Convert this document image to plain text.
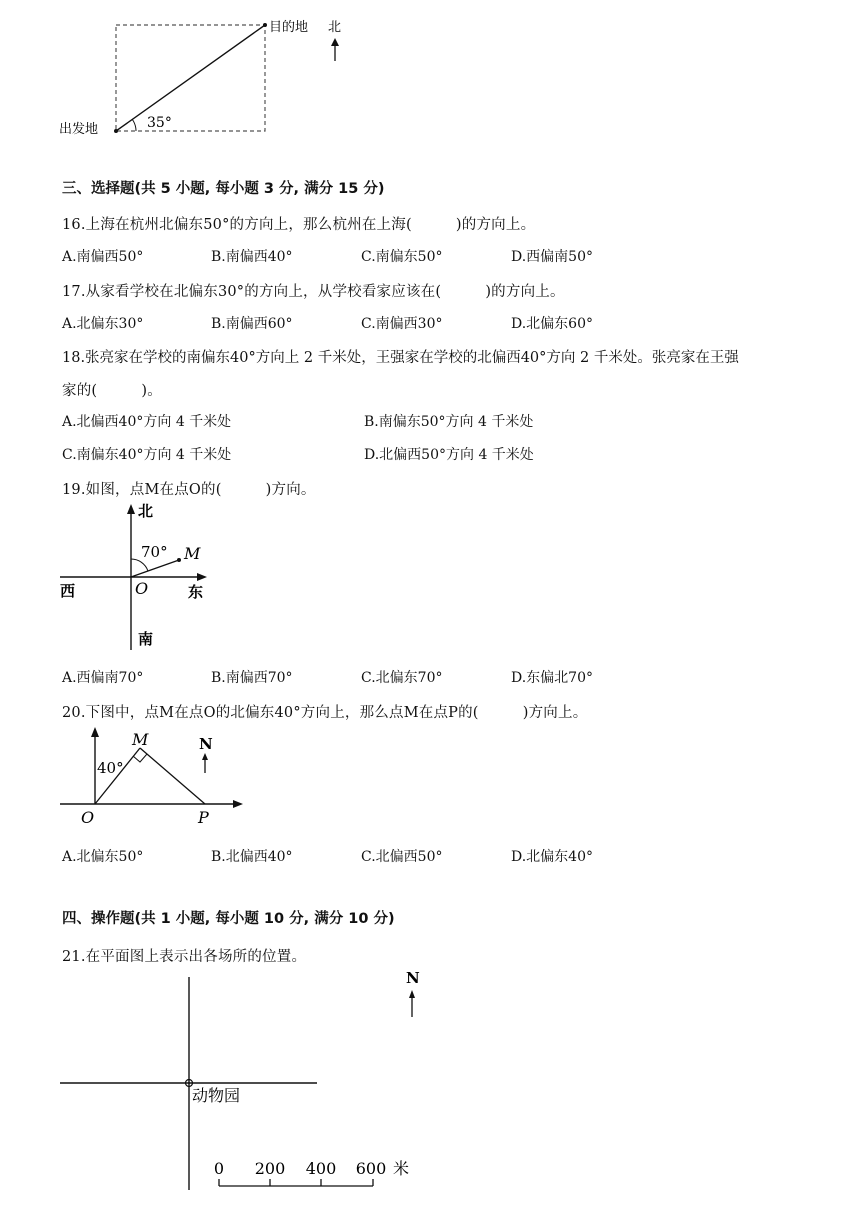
35°
出发地
目的地 北
三、选择题(共 5 小题, 每小题 3 分, 满分 15 分)
16.上海在杭州北偏东50°的方向上，那么杭州在上海(　　　)的方向上。
A.南偏西50°	B.南偏西40°	C.南偏东50°	D.西偏南50°
17.从家看学校在北偏东30°的方向上，从学校看家应该在(　　　)的方向上。
A.北偏东30°	B.南偏西60°	C.南偏西30°	D.北偏东60°
18.张亮家在学校的南偏东40°方向上 2 千米处，王强家在学校的北偏西40°方向 2 千米处。张亮家在王强
家的(　　　)。
A.北偏西40°方向 4 千米处	B.南偏东50°方向 4 千米处
C.南偏东40°方向 4 千米处	D.北偏西50°方向 4 千米处
19.如图，点M在点O的(　　　)方向。
北
70° M
O
西	东
南
A.西偏南70°	B.南偏西70°	C.北偏东70°	D.东偏北70°
20.下图中，点M在点O的北偏东40°方向上，那么点M在点P的(　　　)方向上。
40°
M
O	P
N
A.北偏东50°	B.北偏西40°	C.北偏西50°	D.北偏东40°
四、操作题(共 1 小题, 每小题 10 分, 满分 10 分)
21.在平面图上表示出各场所的位置。
动物园
N
0 200 400 600 米
